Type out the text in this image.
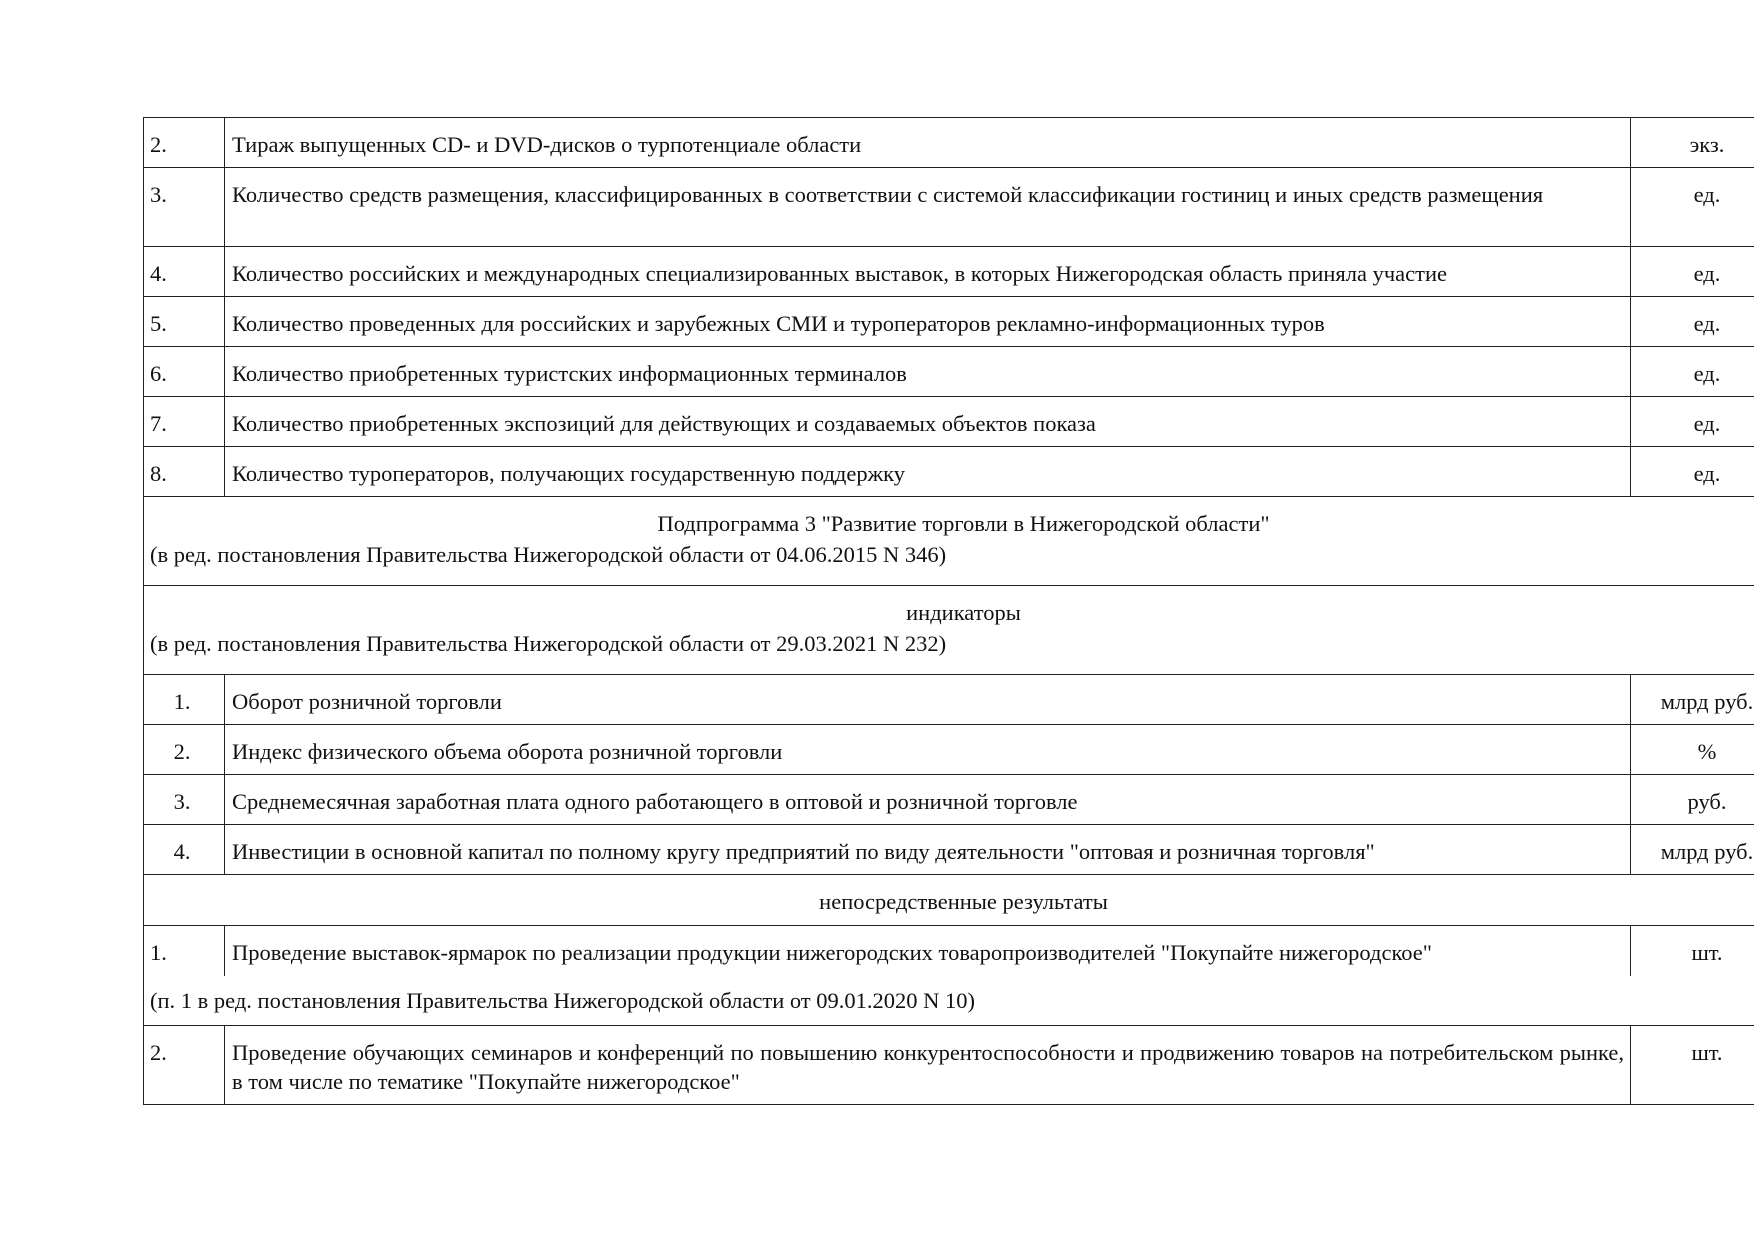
2.	Тираж выпущенных CD- и DVD-дисков о турпотенциале области	экз.
3.	Количество средств размещения, классифицированных в соответствии с системой классификации гостиниц и иных средств размещения	ед.
4.	Количество российских и международных специализированных выставок, в которых Нижегородская область приняла участие	ед.
5.	Количество проведенных для российских и зарубежных СМИ и туроператоров рекламно-информационных туров	ед.
6.	Количество приобретенных туристских информационных терминалов	ед.
7.	Количество приобретенных экспозиций для действующих и создаваемых объектов показа	ед.
8.	Количество туроператоров, получающих государственную поддержку	ед.

Подпрограмма 3 "Развитие торговли в Нижегородской области"
(в ред. постановления Правительства Нижегородской области от 04.06.2015 N 346)		

индикаторы
(в ред. постановления Правительства Нижегородской области от 29.03.2021 N 232)		

1.	Оборот розничной торговли	млрд руб.
2.	Индекс физического объема оборота розничной торговли	%
3.	Среднемесячная заработная плата одного работающего в оптовой и розничной торговле	руб.
4.	Инвестиции в основной капитал по полному кругу предприятий по виду деятельности "оптовая и розничная торговля"	млрд руб.

непосредственные результаты		

1.	Проведение выставок-ярмарок по реализации продукции нижегородских товаропроизводителей "Покупайте нижегородское"	шт.
(п. 1 в ред. постановления Правительства Нижегородской области от 09.01.2020 N 10)		
2.	Проведение обучающих семинаров и конференций по повышению конкурентоспособности и продвижению товаров на потребительском рынке, в том числе по тематике "Покупайте нижегородское"	шт.
